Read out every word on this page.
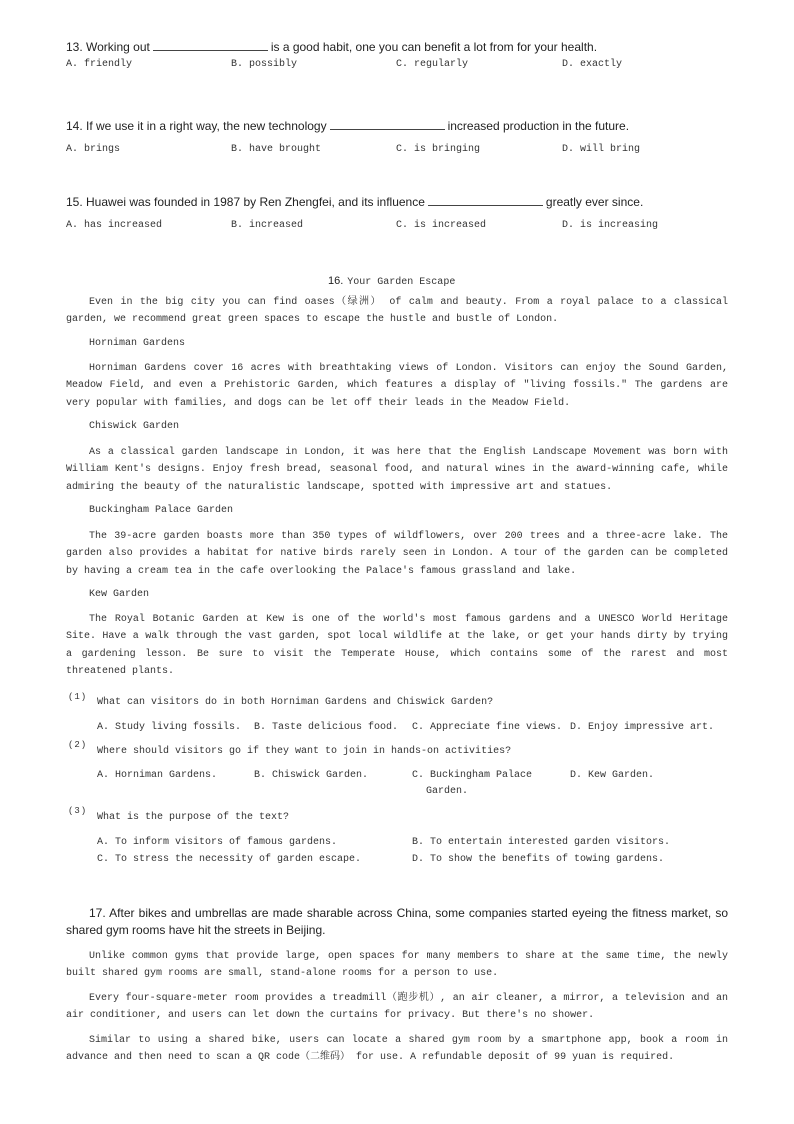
13. Working out	is a good habit, one you can benefit a lot from for your health.
A. friendly	B. possibly	C. regularly	D. exactly
14. If we use it in a right way, the new technology	increased production in the future.
A. brings	B. have brought	C. is bringing	D. will bring
15. Huawei was founded in 1987 by Ren Zhengfei, and its influence	greatly ever since.
A. has increased	B. increased	C. is increased	D. is increasing
16. Your Garden Escape
Even in the big city you can find oases（绿洲） of calm and beauty. From a royal palace to a classical garden, we recommend great green spaces to escape the hustle and bustle of London.
Horniman Gardens
Horniman Gardens cover 16 acres with breathtaking views of London. Visitors can enjoy the Sound Garden, Meadow Field, and even a Prehistoric Garden, which features a display of "living fossils." The gardens are very popular with families, and dogs can be let off their leads in the Meadow Field.
Chiswick Garden
As a classical garden landscape in London, it was here that the English Landscape Movement was born with William Kent's designs. Enjoy fresh bread, seasonal food, and natural wines in the award-winning cafe, while admiring the beauty of the naturalistic landscape, spotted with impressive art and statues.
Buckingham Palace Garden
The 39-acre garden boasts more than 350 types of wildflowers, over 200 trees and a three-acre lake. The garden also provides a habitat for native birds rarely seen in London. A tour of the garden can be completed by having a cream tea in the cafe overlooking the Palace's famous grassland and lake.
Kew Garden
The Royal Botanic Garden at Kew is one of the world's most famous gardens and a UNESCO World Heritage Site. Have a walk through the vast garden, spot local wildlife at the lake, or get your hands dirty by trying a gardening lesson. Be sure to visit the Temperate House, which contains some of the rarest and most threatened plants.
(1) What can visitors do in both Horniman Gardens and Chiswick Garden?
A. Study living fossils. B. Taste delicious food. C. Appreciate fine views. D. Enjoy impressive art.
(2)
Where should visitors go if they want to join in hands-on activities?
A. Horniman Gardens.	B. Chiswick Garden.	C. Buckingham Palace
Garden.
D. Kew Garden.
(3)
What is the purpose of the text?
A. To inform visitors of famous gardens.	B. To entertain interested garden visitors.
C. To stress the necessity of garden escape.	D. To show the benefits of towing gardens.
17. After bikes and umbrellas are made sharable across China, some companies started eyeing the fitness market, so shared gym rooms have hit the streets in Beijing.
Unlike common gyms that provide large, open spaces for many members to share at the same time, the newly built shared gym rooms are small, stand-alone rooms for a person to use.
Every four-square-meter room provides a treadmill（跑步机）, an air cleaner, a mirror, a television and an air conditioner, and users can let down the curtains for privacy. But there's no shower.
Similar to using a shared bike, users can locate a shared gym room by a smartphone app, book a room in advance and then need to scan a QR code（二维码） for use. A refundable deposit of 99 yuan is required.
